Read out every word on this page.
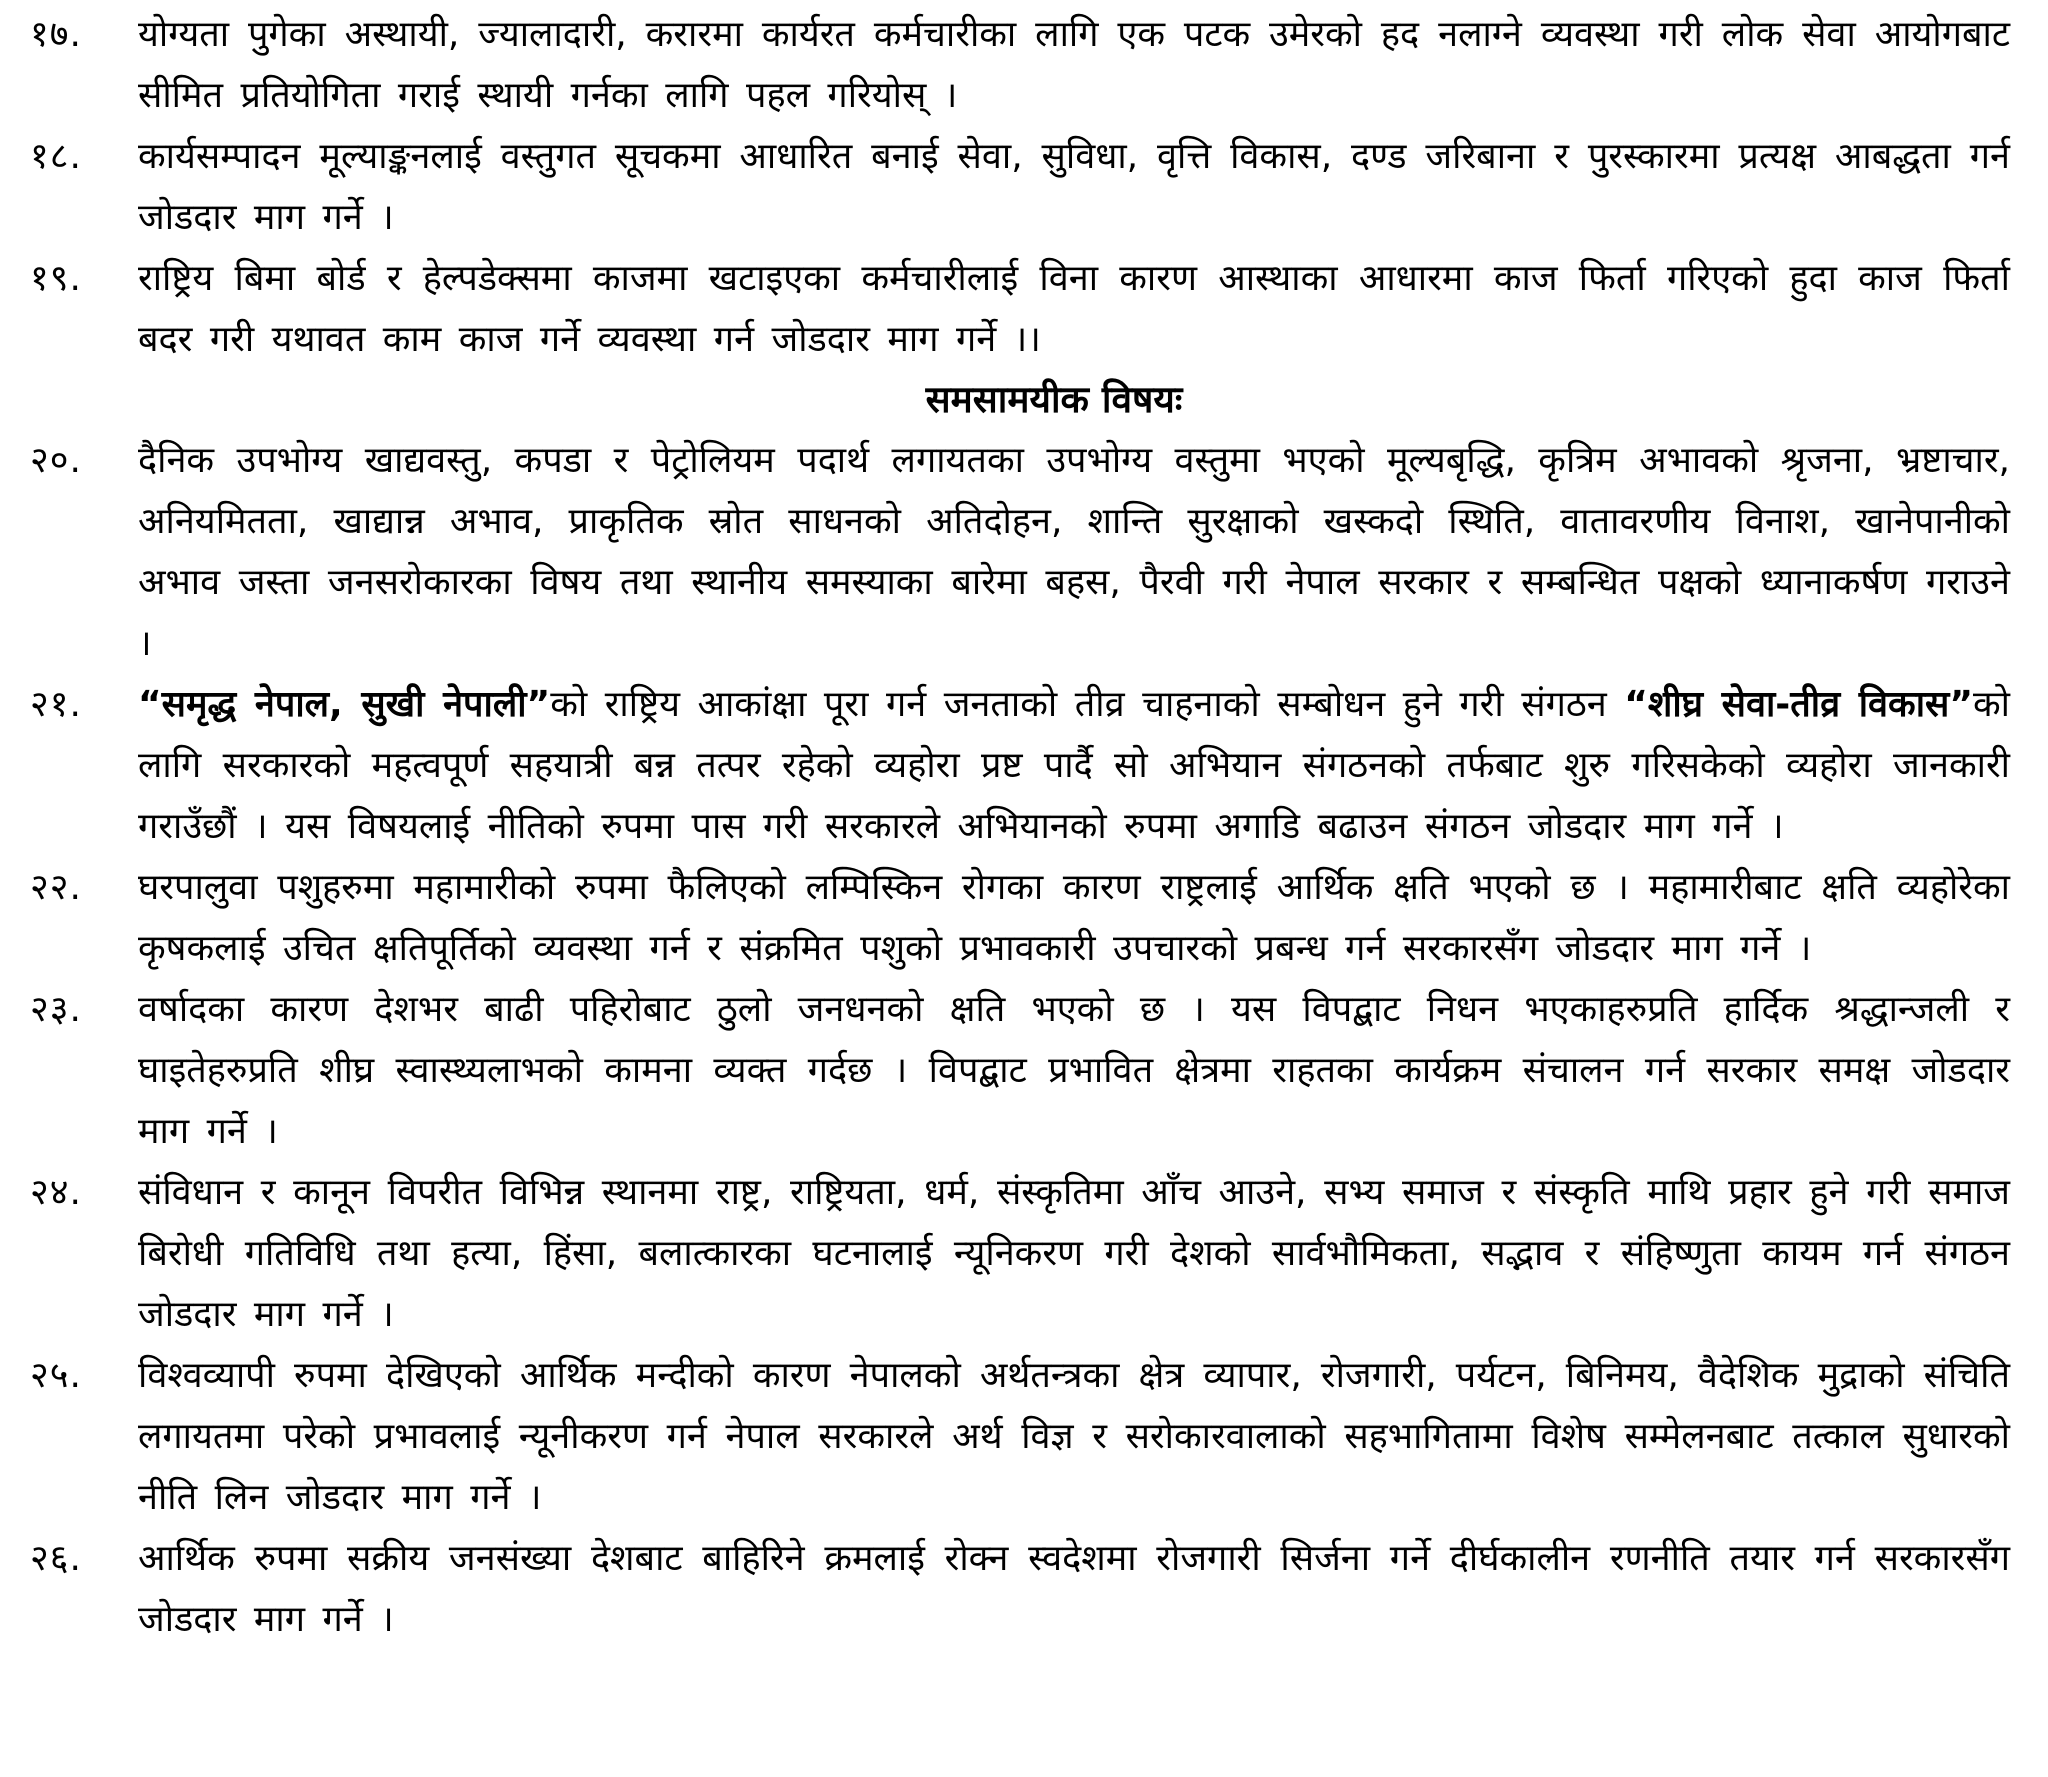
१७. योग्यता पुगेका अस्थायी, ज्यालादारी, करारमा कार्यरत कर्मचारीका लागि एक पटक उमेरको हद नलाग्ने व्यवस्था गरी लोक सेवा आयोगबाट सीमित प्रतियोगिता गराई स्थायी गर्नका लागि पहल गरियोस् ।

१८. कार्यसम्पादन मूल्याङ्कनलाई वस्तुगत सूचकमा आधारित बनाई सेवा, सुविधा, वृत्ति विकास, दण्ड जरिबाना र पुरस्कारमा प्रत्यक्ष आबद्धता गर्न जोडदार माग गर्ने ।

१९. राष्ट्रिय बिमा बोर्ड र हेल्पडेक्समा काजमा खटाइएका कर्मचारीलाई विना कारण आस्थाका आधारमा काज फिर्ता गरिएको हुदा काज फिर्ता बदर गरी यथावत काम काज गर्ने व्यवस्था गर्न जोडदार माग गर्ने ।।

समसामयीक विषयः

२०. दैनिक उपभोग्य खाद्यवस्तु, कपडा र पेट्रोलियम पदार्थ लगायतका उपभोग्य वस्तुमा भएको मूल्यबृद्धि, कृत्रिम अभावको श्रृजना, भ्रष्टाचार, अनियमितता, खाद्यान्न अभाव, प्राकृतिक स्रोत साधनको अतिदोहन, शान्ति सुरक्षाको खस्कदो स्थिति, वातावरणीय विनाश, खानेपानीको अभाव जस्ता जनसरोकारका विषय तथा स्थानीय समस्याका बारेमा बहस, पैरवी गरी नेपाल सरकार र सम्बन्धित पक्षको ध्यानाकर्षण गराउने ।

२१. “समृद्ध नेपाल, सुखी नेपाली”को राष्ट्रिय आकांक्षा पूरा गर्न जनताको तीव्र चाहनाको सम्बोधन हुने गरी संगठन “शीघ्र सेवा-तीव्र विकास”को लागि सरकारको महत्वपूर्ण सहयात्री बन्न तत्पर रहेको व्यहोरा प्रष्ट पार्दै सो अभियान संगठनको तर्फबाट शुरु गरिसकेको व्यहोरा जानकारी गराउँछौं । यस विषयलाई नीतिको रुपमा पास गरी सरकारले अभियानको रुपमा अगाडि बढाउन संगठन जोडदार माग गर्ने ।

२२. घरपालुवा पशुहरुमा महामारीको रुपमा फैलिएको लम्पिस्किन रोगका कारण राष्ट्रलाई आर्थिक क्षति भएको छ । महामारीबाट क्षति व्यहोरेका कृषकलाई उचित क्षतिपूर्तिको व्यवस्था गर्न र संक्रमित पशुको प्रभावकारी उपचारको प्रबन्ध गर्न सरकारसँग जोडदार माग गर्ने ।

२३. वर्षादका कारण देशभर बाढी पहिरोबाट ठुलो जनधनको क्षति भएको छ । यस विपद्बाट निधन भएकाहरुप्रति हार्दिक श्रद्धान्जली र घाइतेहरुप्रति शीघ्र स्वास्थ्यलाभको कामना व्यक्त गर्दछ । विपद्बाट प्रभावित क्षेत्रमा राहतका कार्यक्रम संचालन गर्न सरकार समक्ष जोडदार माग गर्ने ।

२४. संविधान र कानून विपरीत विभिन्न स्थानमा राष्ट्र, राष्ट्रियता, धर्म, संस्कृतिमा आँच आउने, सभ्य समाज र संस्कृति माथि प्रहार हुने गरी समाज बिरोधी गतिविधि तथा हत्या, हिंसा, बलात्कारका घटनालाई न्यूनिकरण गरी देशको सार्वभौमिकता, सद्भाव र संहिष्णुता कायम गर्न संगठन जोडदार माग गर्ने ।

२५. विश्वव्यापी रुपमा देखिएको आर्थिक मन्दीको कारण नेपालको अर्थतन्त्रका क्षेत्र व्यापार, रोजगारी, पर्यटन, बिनिमय, वैदेशिक मुद्राको संचिति लगायतमा परेको प्रभावलाई न्यूनीकरण गर्न नेपाल सरकारले अर्थ विज्ञ र सरोकारवालाको सहभागितामा विशेष सम्मेलनबाट तत्काल सुधारको नीति लिन जोडदार माग गर्ने ।

२६. आर्थिक रुपमा सक्रीय जनसंख्या देशबाट बाहिरिने क्रमलाई रोक्न स्वदेशमा रोजगारी सिर्जना गर्ने दीर्घकालीन रणनीति तयार गर्न सरकारसँग जोडदार माग गर्ने ।
